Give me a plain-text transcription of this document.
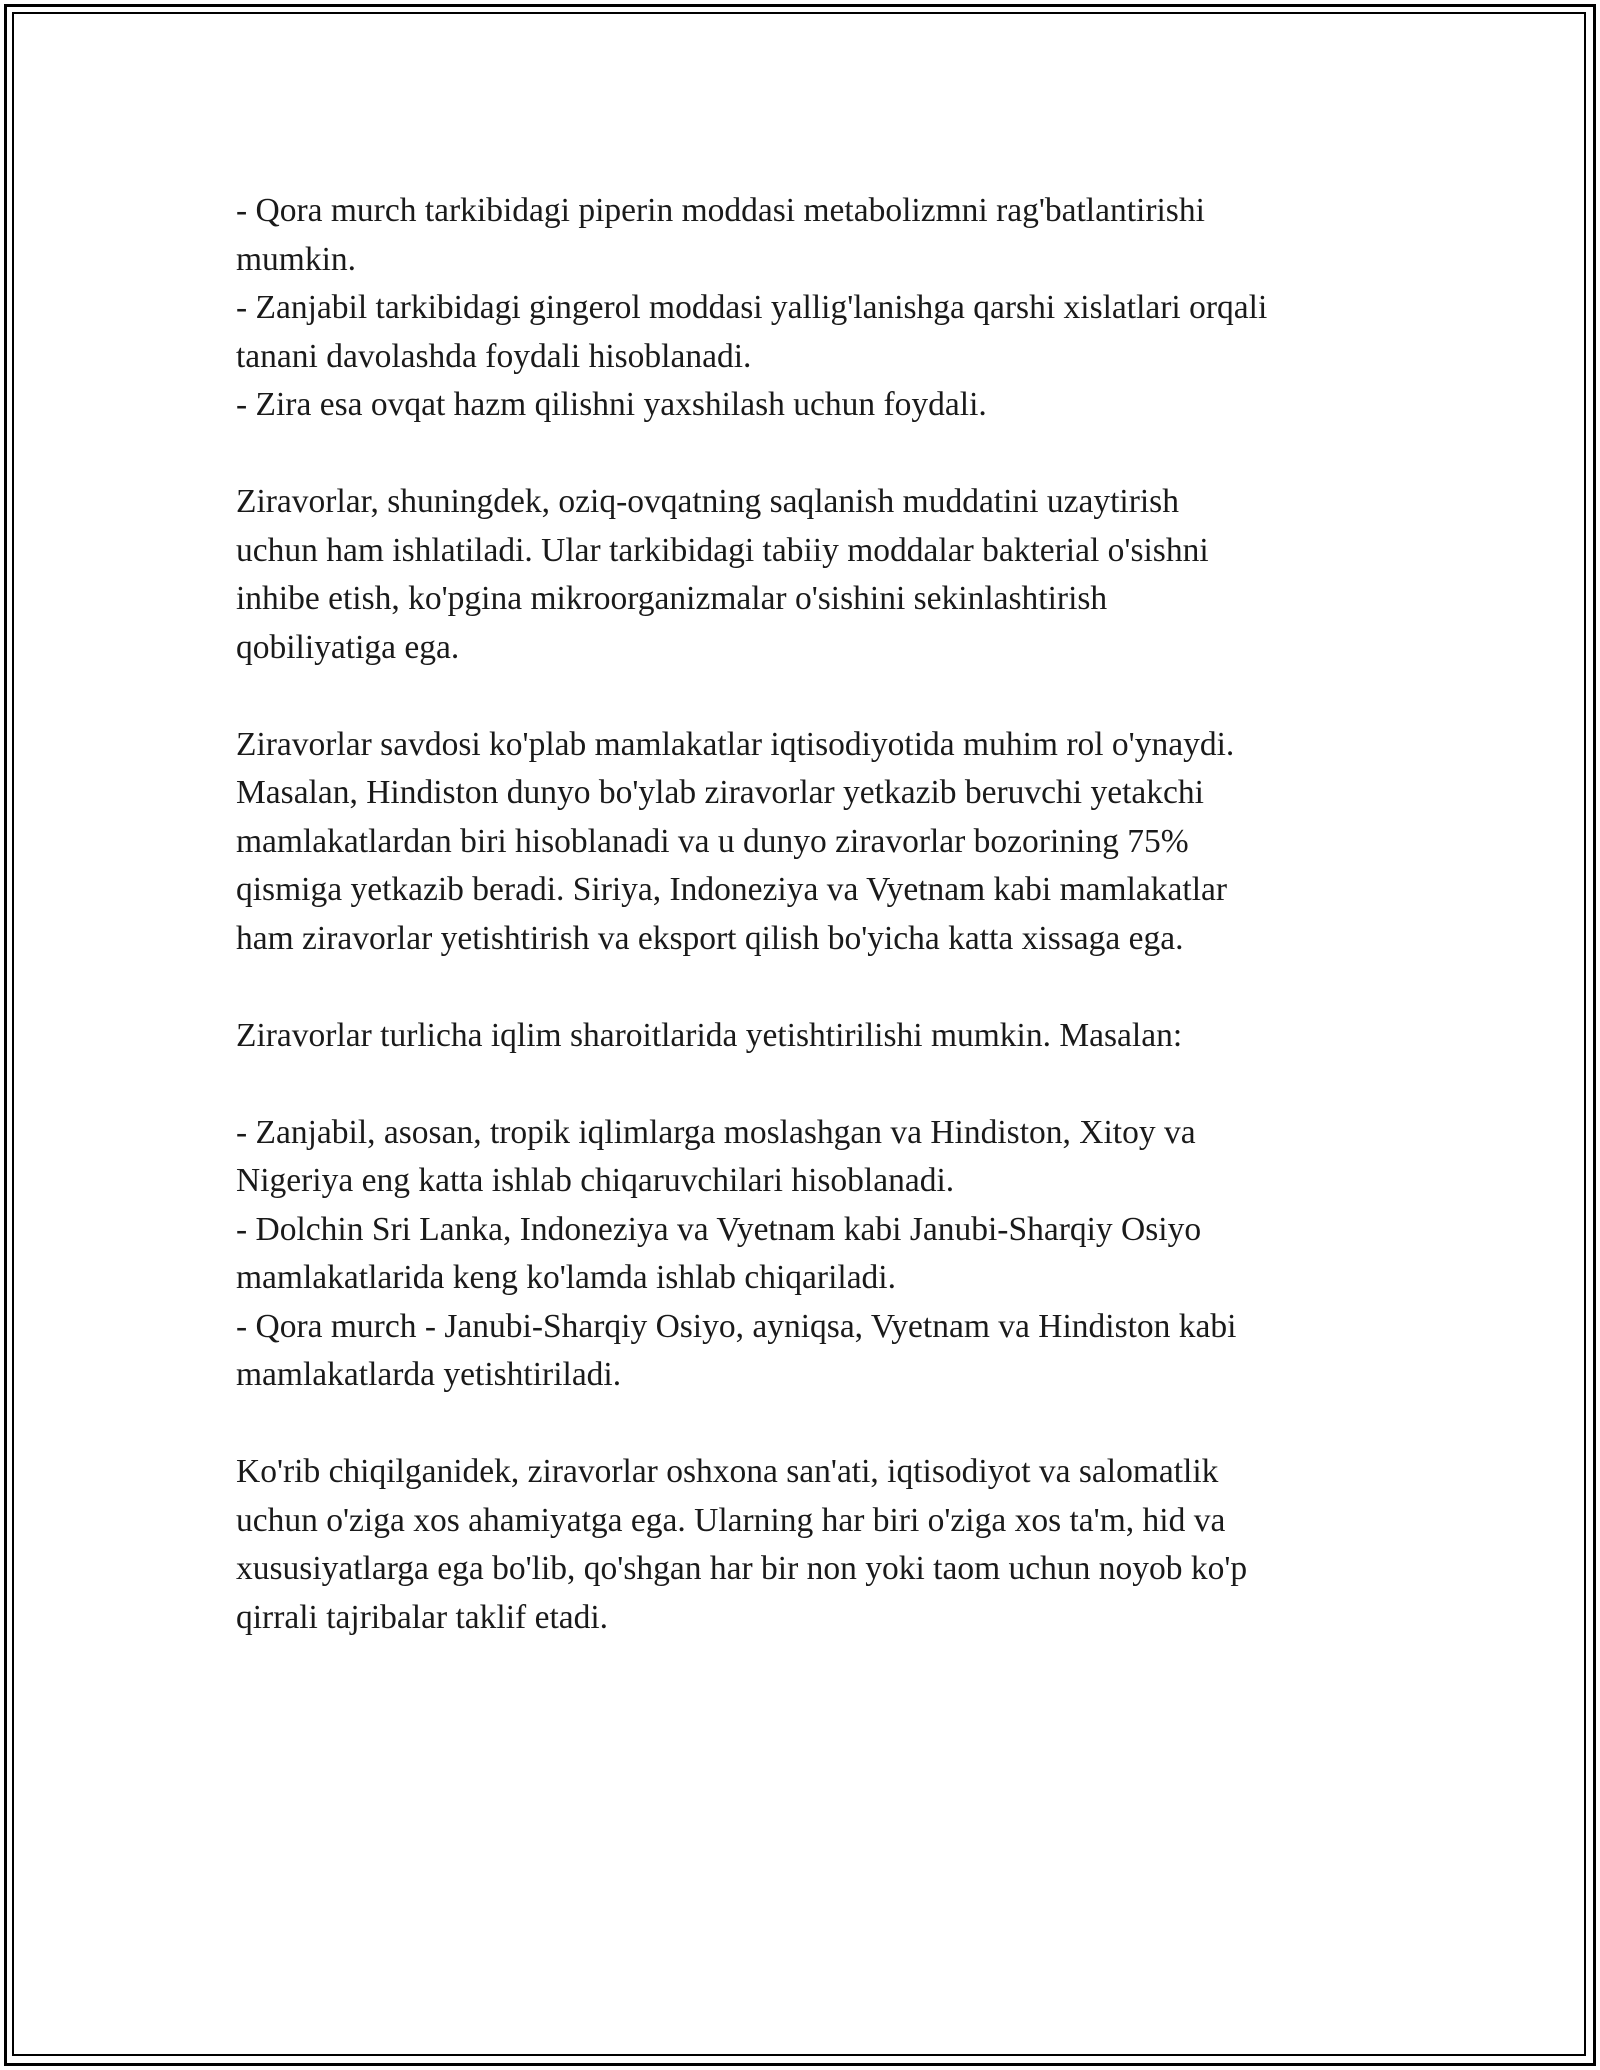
- Qora murch tarkibidagi piperin moddasi metabolizmni rag'batlantirishi
mumkin.
- Zanjabil tarkibidagi gingerol moddasi yallig'lanishga qarshi xislatlari orqali
tanani davolashda foydali hisoblanadi.
- Zira esa ovqat hazm qilishni yaxshilash uchun foydali.
Ziravorlar, shuningdek, oziq-ovqatning saqlanish muddatini uzaytirish
uchun ham ishlatiladi. Ular tarkibidagi tabiiy moddalar bakterial o'sishni
inhibe etish, ko'pgina mikroorganizmalar o'sishini sekinlashtirish
qobiliyatiga ega.
Ziravorlar savdosi ko'plab mamlakatlar iqtisodiyotida muhim rol o'ynaydi.
Masalan, Hindiston dunyo bo'ylab ziravorlar yetkazib beruvchi yetakchi
mamlakatlardan biri hisoblanadi va u dunyo ziravorlar bozorining 75%
qismiga yetkazib beradi. Siriya, Indoneziya va Vyetnam kabi mamlakatlar
ham ziravorlar yetishtirish va eksport qilish bo'yicha katta xissaga ega.
Ziravorlar turlicha iqlim sharoitlarida yetishtirilishi mumkin. Masalan:
- Zanjabil, asosan, tropik iqlimlarga moslashgan va Hindiston, Xitoy va
Nigeriya eng katta ishlab chiqaruvchilari hisoblanadi.
- Dolchin Sri Lanka, Indoneziya va Vyetnam kabi Janubi-Sharqiy Osiyo
mamlakatlarida keng ko'lamda ishlab chiqariladi.
- Qora murch - Janubi-Sharqiy Osiyo, ayniqsa, Vyetnam va Hindiston kabi
mamlakatlarda yetishtiriladi.
Ko'rib chiqilganidek, ziravorlar oshxona san'ati, iqtisodiyot va salomatlik
uchun o'ziga xos ahamiyatga ega. Ularning har biri o'ziga xos ta'm, hid va
xususiyatlarga ega bo'lib, qo'shgan har bir non yoki taom uchun noyob ko'p
qirrali tajribalar taklif etadi.
